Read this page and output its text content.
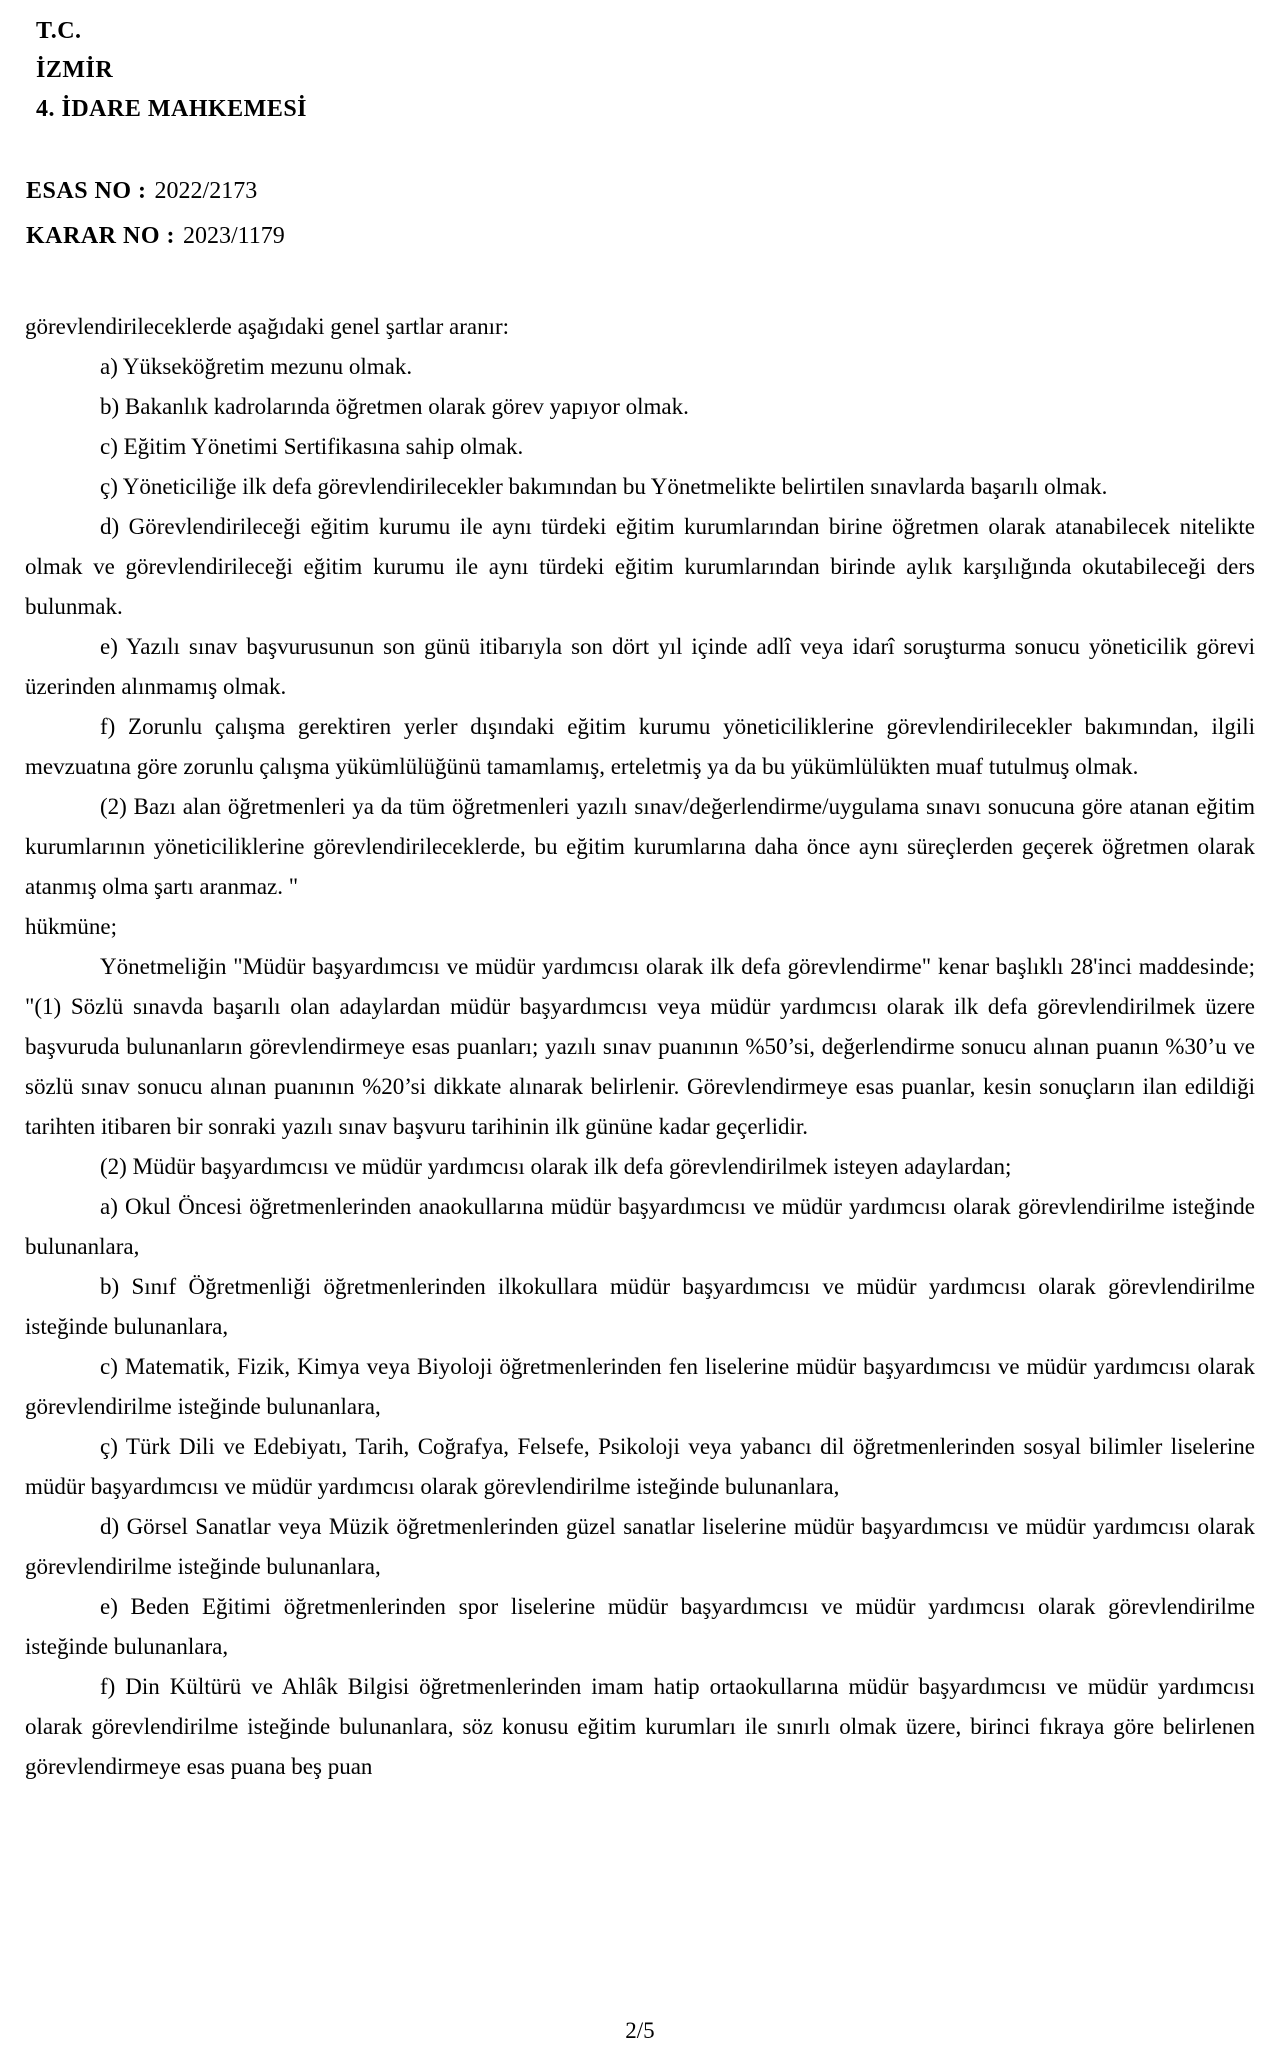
T.C.
İZMİR
4. İDARE MAHKEMESİ
ESAS NO : 2022/2173
KARAR NO : 2023/1179

görevlendirileceklerde aşağıdaki genel şartlar aranır:

a) Yükseköğretim mezunu olmak.

b) Bakanlık kadrolarında öğretmen olarak görev yapıyor olmak.

c) Eğitim Yönetimi Sertifikasına sahip olmak.

ç) Yöneticiliğe ilk defa görevlendirilecekler bakımından bu Yönetmelikte belirtilen sınavlarda başarılı olmak.

d) Görevlendirileceği eğitim kurumu ile aynı türdeki eğitim kurumlarından birine öğretmen olarak atanabilecek nitelikte olmak ve görevlendirileceği eğitim kurumu ile aynı türdeki eğitim kurumlarından birinde aylık karşılığında okutabileceği ders bulunmak.

e) Yazılı sınav başvurusunun son günü itibarıyla son dört yıl içinde adlî veya idarî soruşturma sonucu yöneticilik görevi üzerinden alınmamış olmak.

f) Zorunlu çalışma gerektiren yerler dışındaki eğitim kurumu yöneticiliklerine görevlendirilecekler bakımından, ilgili mevzuatına göre zorunlu çalışma yükümlülüğünü tamamlamış, erteletmiş ya da bu yükümlülükten muaf tutulmuş olmak.

(2) Bazı alan öğretmenleri ya da tüm öğretmenleri yazılı sınav/değerlendirme/uygulama sınavı sonucuna göre atanan eğitim kurumlarının yöneticiliklerine görevlendirileceklerde, bu eğitim kurumlarına daha önce aynı süreçlerden geçerek öğretmen olarak atanmış olma şartı aranmaz. "

hükmüne;

Yönetmeliğin "Müdür başyardımcısı ve müdür yardımcısı olarak ilk defa görevlendirme" kenar başlıklı 28'inci maddesinde; "(1) Sözlü sınavda başarılı olan adaylardan müdür başyardımcısı veya müdür yardımcısı olarak ilk defa görevlendirilmek üzere başvuruda bulunanların görevlendirmeye esas puanları; yazılı sınav puanının %50’si, değerlendirme sonucu alınan puanın %30’u ve sözlü sınav sonucu alınan puanının %20’si dikkate alınarak belirlenir. Görevlendirmeye esas puanlar, kesin sonuçların ilan edildiği tarihten itibaren bir sonraki yazılı sınav başvuru tarihinin ilk gününe kadar geçerlidir.

(2) Müdür başyardımcısı ve müdür yardımcısı olarak ilk defa görevlendirilmek isteyen adaylardan;

a) Okul Öncesi öğretmenlerinden anaokullarına müdür başyardımcısı ve müdür yardımcısı olarak görevlendirilme isteğinde bulunanlara,

b) Sınıf Öğretmenliği öğretmenlerinden ilkokullara müdür başyardımcısı ve müdür yardımcısı olarak görevlendirilme isteğinde bulunanlara,

c) Matematik, Fizik, Kimya veya Biyoloji öğretmenlerinden fen liselerine müdür başyardımcısı ve müdür yardımcısı olarak görevlendirilme isteğinde bulunanlara,

ç) Türk Dili ve Edebiyatı, Tarih, Coğrafya, Felsefe, Psikoloji veya yabancı dil öğretmenlerinden sosyal bilimler liselerine müdür başyardımcısı ve müdür yardımcısı olarak görevlendirilme isteğinde bulunanlara,

d) Görsel Sanatlar veya Müzik öğretmenlerinden güzel sanatlar liselerine müdür başyardımcısı ve müdür yardımcısı olarak görevlendirilme isteğinde bulunanlara,

e) Beden Eğitimi öğretmenlerinden spor liselerine müdür başyardımcısı ve müdür yardımcısı olarak görevlendirilme isteğinde bulunanlara,

f) Din Kültürü ve Ahlâk Bilgisi öğretmenlerinden imam hatip ortaokullarına müdür başyardımcısı ve müdür yardımcısı olarak görevlendirilme isteğinde bulunanlara, söz konusu eğitim kurumları ile sınırlı olmak üzere, birinci fıkraya göre belirlenen görevlendirmeye esas puana beş puan

2/5
